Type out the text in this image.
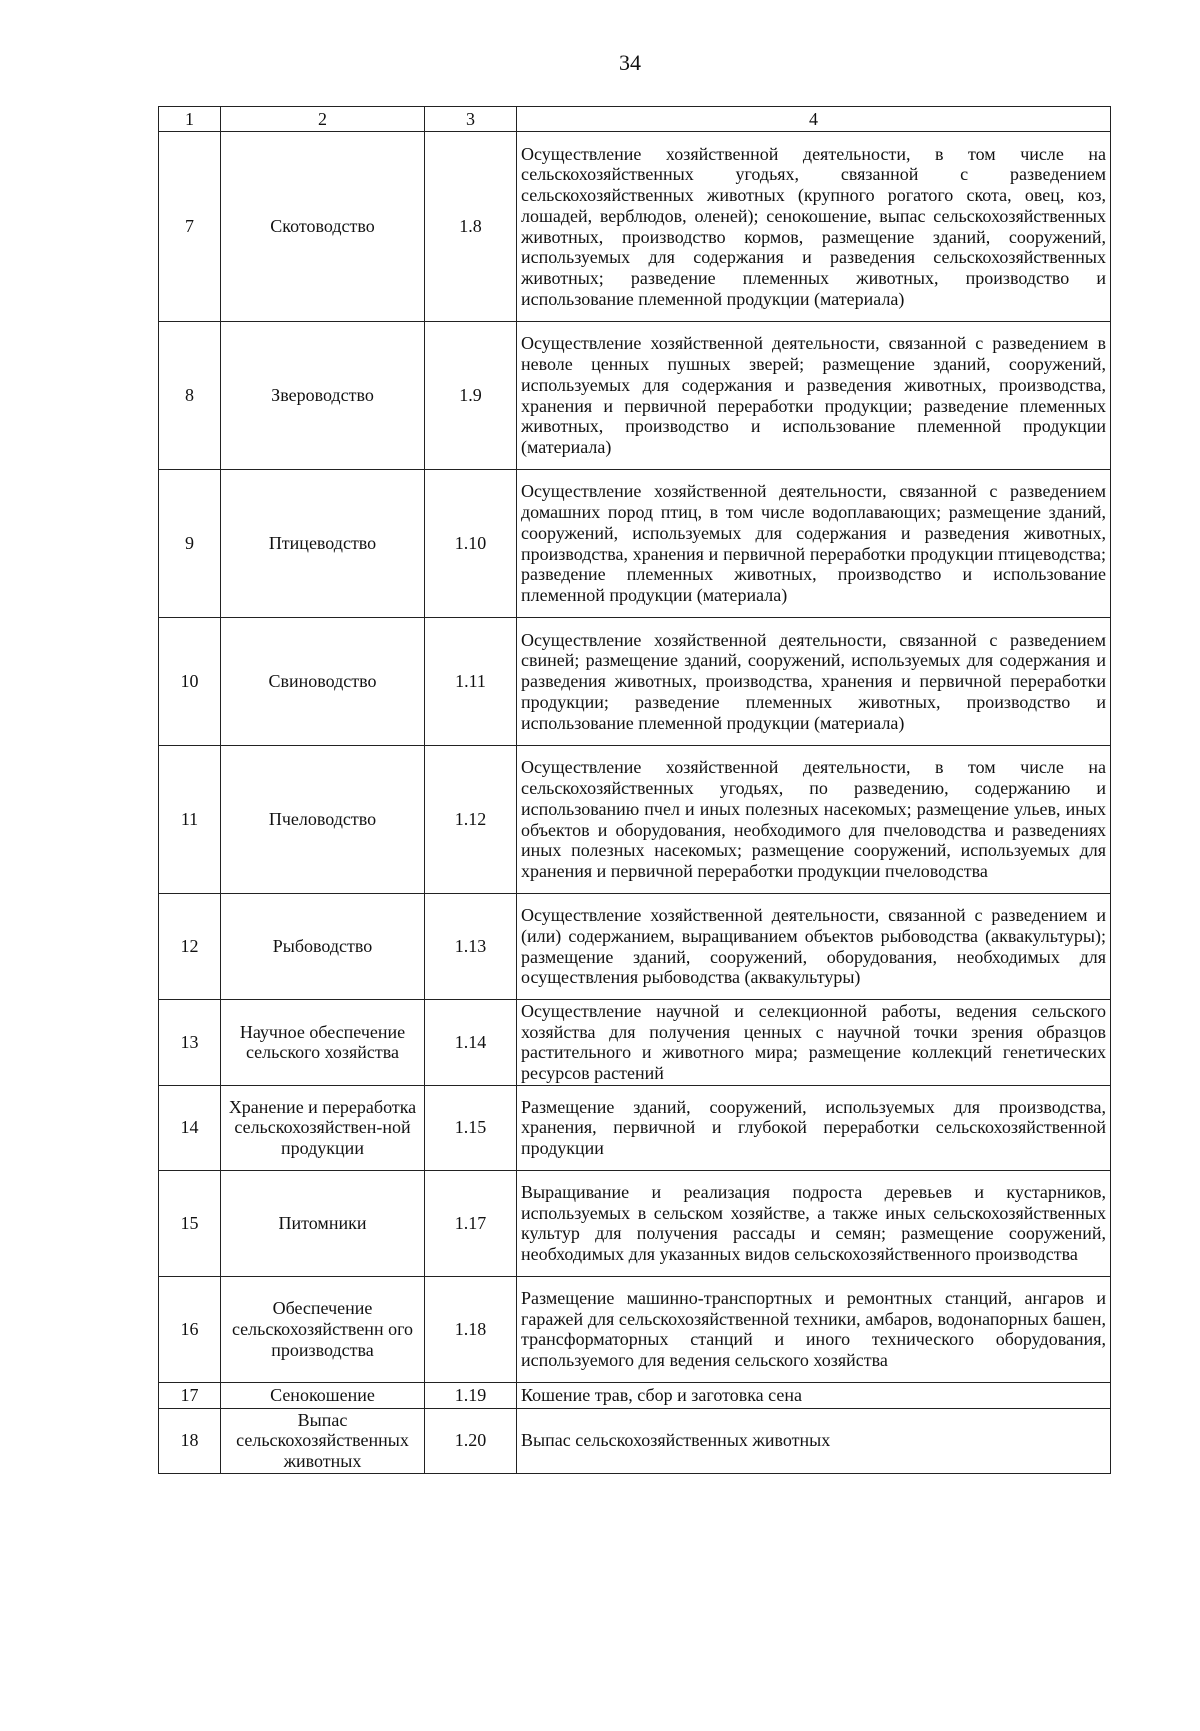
34
1	2	3	4
7	Скотоводство	1.8	Осуществление хозяйственной деятельности, в том числе на сельскохозяйственных угодьях, связанной с разведением сельскохозяйственных животных (крупного рогатого скота, овец, коз, лошадей, верблюдов, оленей); сенокошение, выпас сельскохозяйственных животных, производство кормов, размещение зданий, сооружений, используемых для содержания и разведения сельскохозяйственных животных; разведение племенных животных, производство и использование племенной продукции (материала)
8	Звероводство	1.9	Осуществление хозяйственной деятельности, связанной с разведением в неволе ценных пушных зверей; размещение зданий, сооружений, используемых для содержания и разведения животных, производства, хранения и первичной переработки продукции; разведение племенных животных, производство и использование племенной продукции (материала)
9	Птицеводство	1.10	Осуществление хозяйственной деятельности, связанной с разведением домашних пород птиц, в том числе водоплавающих; размещение зданий, сооружений, используемых для содержания и разведения животных, производства, хранения и первичной переработки продукции птицеводства; разведение племенных животных, производство и использование племенной продукции (материала)
10	Свиноводство	1.11	Осуществление хозяйственной деятельности, связанной с разведением свиней; размещение зданий, сооружений, используемых для содержания и разведения животных, производства, хранения и первичной переработки продукции; разведение племенных животных, производство и использование племенной продукции (материала)
11	Пчеловодство	1.12	Осуществление хозяйственной деятельности, в том числе на сельскохозяйственных угодьях, по разведению, содержанию и использованию пчел и иных полезных насекомых; размещение ульев, иных объектов и оборудования, необходимого для пчеловодства и разведениях иных полезных насекомых; размещение сооружений, используемых для хранения и первичной переработки продукции пчеловодства
12	Рыбоводство	1.13	Осуществление хозяйственной деятельности, связанной с разведением и (или) содержанием, выращиванием объектов рыбоводства (аквакультуры); размещение зданий, сооружений, оборудования, необходимых для осуществления рыбоводства (аквакультуры)
13	Научное обеспечение сельского хозяйства	1.14	Осуществление научной и селекционной работы, ведения сельского хозяйства для получения ценных с научной точки зрения образцов растительного и животного мира; размещение коллекций генетических ресурсов растений
14	Хранение и переработка сельскохозяйствен-ной продукции	1.15	Размещение зданий, сооружений, используемых для производства, хранения, первичной и глубокой переработки сельскохозяйственной продукции
15	Питомники	1.17	Выращивание и реализация подроста деревьев и кустарников, используемых в сельском хозяйстве, а также иных сельскохозяйственных культур для получения рассады и семян; размещение сооружений, необходимых для указанных видов сельскохозяйственного производства
16	Обеспечение сельскохозяйственн ого производства	1.18	Размещение машинно-транспортных и ремонтных станций, ангаров и гаражей для сельскохозяйственной техники, амбаров, водонапорных башен, трансформаторных станций и иного технического оборудования, используемого для ведения сельского хозяйства
17	Сенокошение	1.19	Кошение трав, сбор и заготовка сена
18	Выпас сельскохозяйственных животных	1.20	Выпас сельскохозяйственных животных
